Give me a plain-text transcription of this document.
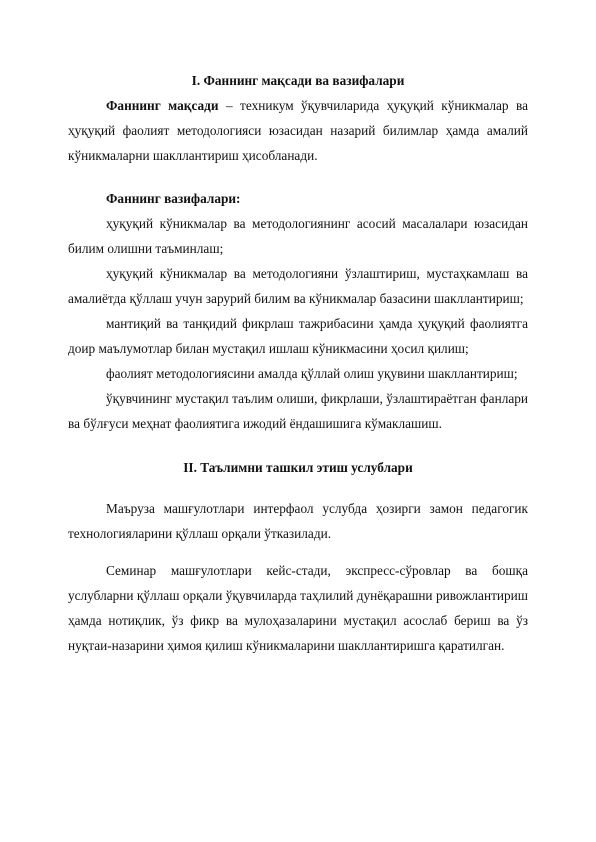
I. Фаннинг мақсади ва вазифалари

Фаннинг мақсади – техникум ўқувчиларида ҳуқуқий кўникмалар ва ҳуқуқий фаолият методологияси юзасидан назарий билимлар ҳамда амалий кўникмаларни шакллантириш ҳисобланади.

Фаннинг вазифалари:

ҳуқуқий кўникмалар ва методологиянинг асосий масалалари юзасидан билим олишни таъминлаш;

ҳуқуқий кўникмалар ва методологияни ўзлаштириш, мустаҳкамлаш ва амалиётда қўллаш учун зарурий билим ва кўникмалар базасини шакллантириш;

мантиқий ва танқидий фикрлаш тажрибасини ҳамда ҳуқуқий фаолиятга доир маълумотлар билан мустақил ишлаш кўникмасини ҳосил қилиш;

фаолият методологиясини амалда қўллай олиш уқувини шакллантириш;

ўқувчининг мустақил таълим олиши, фикрлаши, ўзлаштираётган фанлари ва бўлғуси меҳнат фаолиятига ижодий ёндашишига кўмаклашиш.

II. Таълимни ташкил этиш услублари

Маъруза машғулотлари интерфаол услубда ҳозирги замон педагогик технологияларини қўллаш орқали ўтказилади.

Семинар машғулотлари кейс-стади, экспресс-сўровлар ва бошқа услубларни қўллаш орқали ўқувчиларда таҳлилий дунёқарашни ривожлантириш ҳамда нотиқлик, ўз фикр ва мулоҳазаларини мустақил асослаб бериш ва ўз нуқтаи-назарини ҳимоя қилиш кўникмаларини шакллантиришга қаратилган.
